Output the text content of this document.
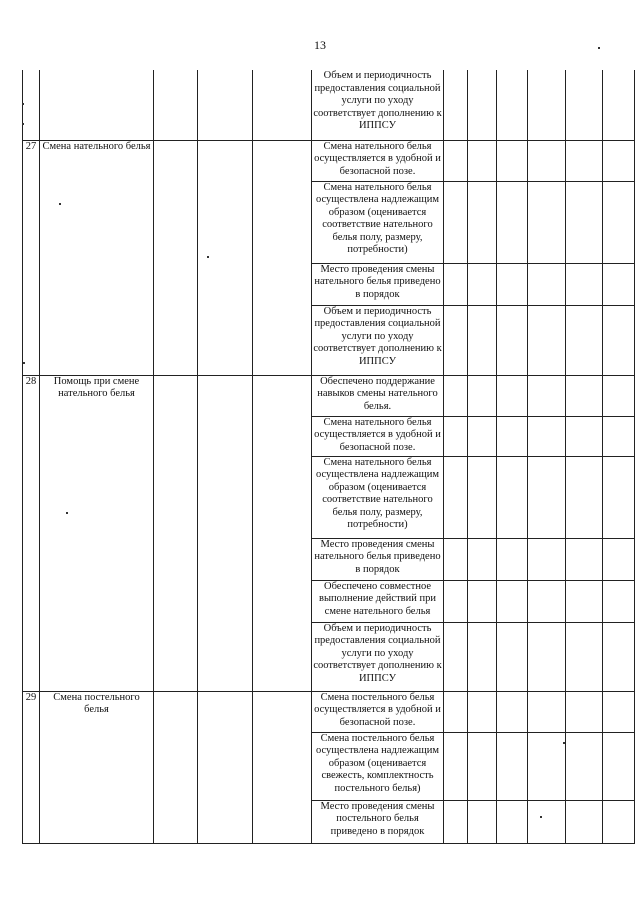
13
					Объем и периодичность предоставления социальной услуги по уходу соответствует дополнению к ИППСУ						
27	Смена нательного белья				Смена нательного белья осуществляется в удобной и безопасной позе.						
					Смена нательного белья осуществлена надлежащим образом (оценивается соответствие нательного белья полу, размеру, потребности)						
					Место проведения смены нательного белья приведено в порядок						
					Объем и периодичность предоставления социальной услуги по уходу соответствует дополнению к ИППСУ						
28	Помощь при смене нательного белья				Обеспечено поддержание навыков смены нательного белья.						
					Смена нательного белья осуществляется в удобной и безопасной позе.						
					Смена нательного белья осуществлена надлежащим образом (оценивается соответствие нательного белья полу, размеру, потребности)						
					Место проведения смены нательного белья приведено в порядок						
					Обеспечено совместное выполнение действий при смене нательного белья						
					Объем и периодичность предоставления социальной услуги по уходу соответствует дополнению к ИППСУ						
29	Смена постельного белья				Смена постельного белья осуществляется в удобной и безопасной позе.						
					Смена постельного белья осуществлена надлежащим образом (оценивается свежесть, комплектность постельного белья)						
					Место проведения смены постельного белья приведено в порядок						
